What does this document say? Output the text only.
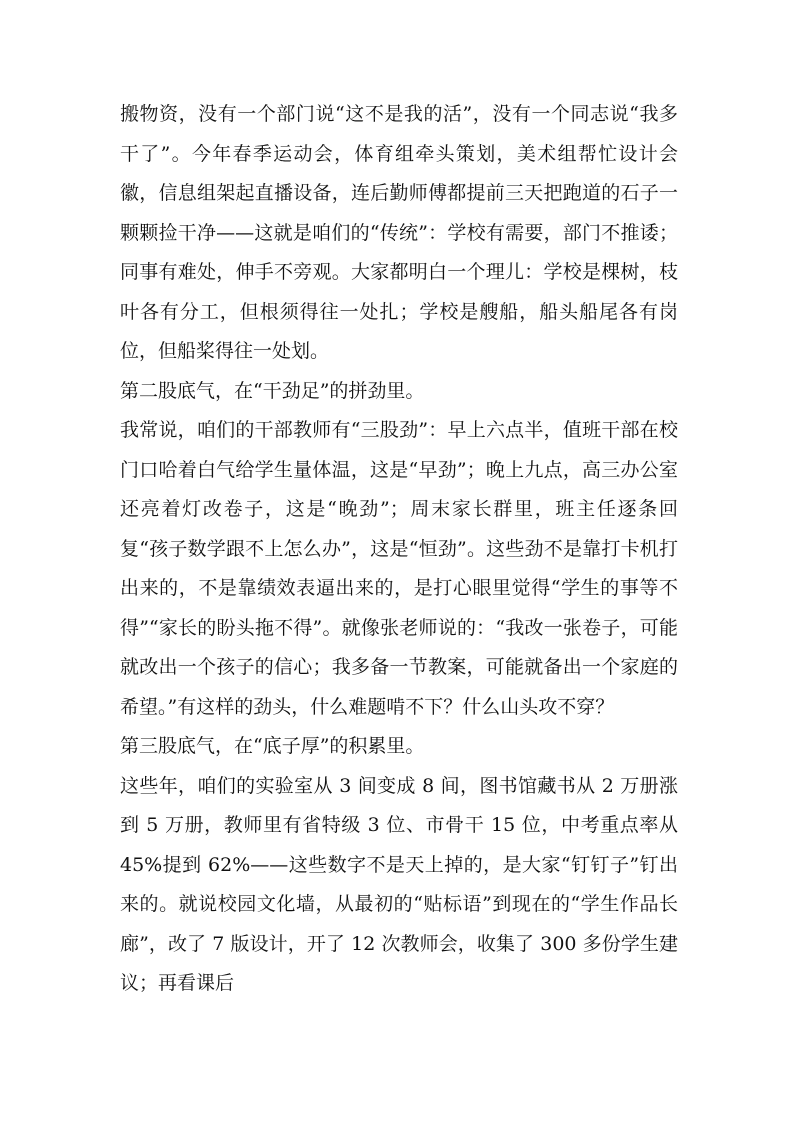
搬物资，没有一个部门说“这不是我的活”，没有一个同志说“我多干了”。今年春季运动会，体育组牵头策划，美术组帮忙设计会徽，信息组架起直播设备，连后勤师傅都提前三天把跑道的石子一颗颗捡干净——这就是咱们的“传统”：学校有需要，部门不推诿；同事有难处，伸手不旁观。大家都明白一个理儿：学校是棵树，枝叶各有分工，但根须得往一处扎；学校是艘船，船头船尾各有岗位，但船桨得往一处划。

第二股底气，在“干劲足”的拼劲里。

我常说，咱们的干部教师有“三股劲”：早上六点半，值班干部在校门口哈着白气给学生量体温，这是“早劲”；晚上九点，高三办公室还亮着灯改卷子，这是“晚劲”；周末家长群里，班主任逐条回复“孩子数学跟不上怎么办”，这是“恒劲”。这些劲不是靠打卡机打出来的，不是靠绩效表逼出来的，是打心眼里觉得“学生的事等不得”“家长的盼头拖不得”。就像张老师说的：“我改一张卷子，可能就改出一个孩子的信心；我多备一节教案，可能就备出一个家庭的希望。”有这样的劲头，什么难题啃不下？什么山头攻不穿？

第三股底气，在“底子厚”的积累里。

这些年，咱们的实验室从 3 间变成 8 间，图书馆藏书从 2 万册涨到 5 万册，教师里有省特级 3 位、市骨干 15 位，中考重点率从 45%提到 62%——这些数字不是天上掉的，是大家“钉钉子”钉出来的。就说校园文化墙，从最初的“贴标语”到现在的“学生作品长廊”，改了 7 版设计，开了 12 次教师会，收集了 300 多份学生建议；再看课后
